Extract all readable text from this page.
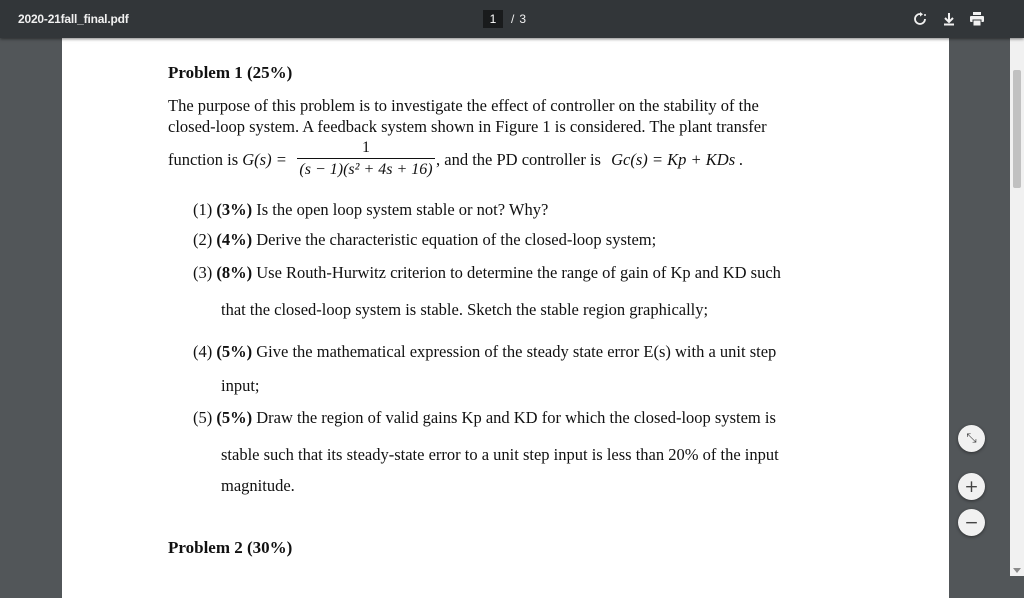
2020-21fall_final.pdf
1	/ 3
Problem 1 (25%)
The purpose of this problem is to investigate the effect of controller on the stability of the
closed-loop system. A feedback system shown in Figure 1 is considered. The plant transfer
function is G(s) =
1
(s − 1)(s² + 4s + 16)
, and the PD controller is Gc(s) = Kp + KDs .
(1) (3%) Is the open loop system stable or not? Why?
(2) (4%) Derive the characteristic equation of the closed-loop system;
(3) (8%) Use Routh-Hurwitz criterion to determine the range of gain of Kp and KD such
that the closed-loop system is stable. Sketch the stable region graphically;
(4) (5%) Give the mathematical expression of the steady state error E(s) with a unit step
input;
(5) (5%) Draw the region of valid gains Kp and KD for which the closed-loop system is
stable such that its steady-state error to a unit step input is less than 20% of the input
magnitude.
Problem 2 (30%)
⤡
+
−
